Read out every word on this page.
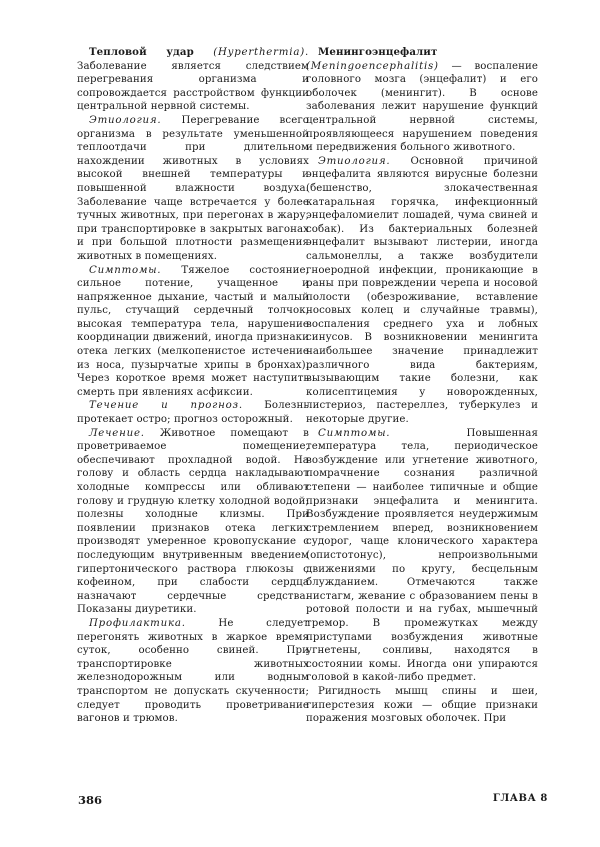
Тепловой удар (Hyperthermia). Заболевание является следствием перегревания организма и сопровождается расстройством функции центральной нервной системы.

Этиология. Перегревание всего организма в результате уменьшенной теплоотдачи при длительном нахождении животных в условиях высокой внешней температуры и повышенной влажности воздуха. Заболевание чаще встречается у более тучных животных, при перегонах в жару, при транспортировке в закрытых вагонах и при большой плотности размещения животных в помещениях.

Симптомы. Тяжелое состояние, сильное потение, учащенное и напряженное дыхание, частый и малый пульс, стучащий сердечный толчок, высокая температура тела, нарушение координации движений, иногда признаки отека легких (мелкопенистое истечение из носа, пузырчатые хрипы в бронхах). Через короткое время может наступить смерть при явлениях асфиксии.

Течение и прогноз. Болезнь протекает остро; прогноз осторожный.

Лечение. Животное помещают в проветриваемое помещение, обеспечивают прохладной водой. На голову и область сердца накладывают холодные компрессы или обливают голову и грудную клетку холодной водой; полезны холодные клизмы. При появлении признаков отека легких производят умеренное кровопускание с последующим внутривенным введением гипертонического раствора глюкозы с кофеином, при слабости сердца назначают сердечные средства. Показаны диуретики.

Профилактика. Не следует перегонять животных в жаркое время суток, особенно свиней. При транспортировке животных железнодорожным или водным транспортом не допускать скученности; следует проводить проветривание вагонов и трюмов.

Менингоэнцефалит (Meningoencephalitis) — воспаление головного мозга (энцефалит) и его оболочек (менингит). В основе заболевания лежит нарушение функций центральной нервной системы, проявляющееся нарушением поведения и передвижения больного животного.

Этиология. Основной причиной энцефалита являются вирусные болезни (бешенство, злокачественная катаральная горячка, инфекционный энцефаломиелит лошадей, чума свиней и собак). Из бактериальных болезней энцефалит вызывают листерии, иногда сальмонеллы, а также возбудители гноеродной инфекции, проникающие в раны при повреждении черепа и носовой полости (обезроживание, вставление носовых колец и случайные травмы), воспаления среднего уха и лобных синусов. В возникновении менингита наибольшее значение принадлежит различного вида бактериям, вызывающим такие болезни, как колисептицемия у новорожденных, листериоз, пастереллез, туберкулез и некоторые другие.

Симптомы. Повышенная температура тела, периодическое возбуждение или угнетение животного, помрачнение сознания различной степени — наиболее типичные и общие признаки энцефалита и менингита. Возбуждение проявляется неудержимым стремлением вперед, возникновением судорог, чаще клонического характера (опистотонус), непроизвольными движениями по кругу, бесцельным блужданием. Отмечаются также нистагм, жевание с образованием пены в ротовой полости и на губах, мышечный тремор. В промежутках между приступами возбуждения животные угнетены, сонливы, находятся в состоянии комы. Иногда они упираются головой в какой-либо предмет.

Ригидность мышц спины и шеи, гиперстезия кожи — общие признаки поражения мозговых оболочек. При

386	ГЛАВА 8
